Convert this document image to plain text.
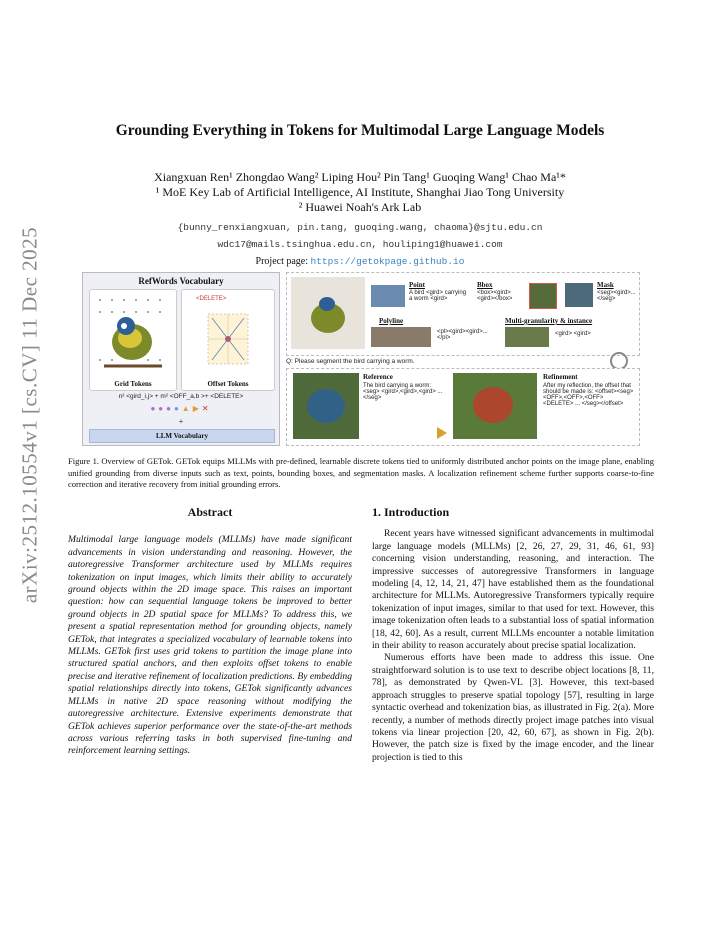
arXiv:2512.10554v1 [cs.CV] 11 Dec 2025
Grounding Everything in Tokens for Multimodal Large Language Models
Xiangxuan Ren¹ Zhongdao Wang² Liping Hou² Pin Tang¹ Guoqing Wang¹ Chao Ma¹*
¹ MoE Key Lab of Artificial Intelligence, AI Institute, Shanghai Jiao Tong University
² Huawei Noah's Ark Lab
{bunny_renxiangxuan, pin.tang, guoqing.wang, chaoma}@sjtu.edu.cn
wdc17@mails.tsinghua.edu.cn, houliping1@huawei.com
Project page: https://getokpage.github.io
RefWords Vocabulary
Grid Tokens
<DELETE>
Offset Tokens
n² <gird_i,j> + m² <OFF_a,b >+ <DELETE>
●●●●▲▶✕
+
LLM Vocabulary
Point
A bird <gird> carrying a worm <gird>
Bbox
<box><gird><gird></box>
Mask
<seg><gird>...</seg>
Polyline
<pl><gird><gird>...</pl>
Multi-granularity & instance
<gird> <gird>
Q: Please segment the bird carrying a worm.
Reference
The bird carrying a worm: <seg> <gird>,<gird>,<gird> ... </seg>
Refinement
After my reflection, the offset that should be made is: <offset><seg> <OFF>,<OFF>,<OFF> <DELETE> ... </seg></offset>
Figure 1. Overview of GETok. GETok equips MLLMs with pre-defined, learnable discrete tokens tied to uniformly distributed anchor points on the image plane, enabling unified grounding from diverse inputs such as text, points, bounding boxes, and segmentation masks. A localization refinement scheme further supports coarse-to-fine correction and iterative recovery from initial grounding errors.
Abstract

Multimodal large language models (MLLMs) have made significant advancements in vision understanding and reasoning. However, the autoregressive Transformer architecture used by MLLMs requires tokenization on input images, which limits their ability to accurately ground objects within the 2D image space. This raises an important question: how can sequential language tokens be improved to better ground objects in 2D spatial space for MLLMs? To address this, we present a spatial representation method for grounding objects, namely GETok, that integrates a specialized vocabulary of learnable tokens into MLLMs. GETok first uses grid tokens to partition the image plane into structured spatial anchors, and then exploits offset tokens to enable precise and iterative refinement of localization predictions. By embedding spatial relationships directly into tokens, GETok significantly advances MLLMs in native 2D space reasoning without modifying the autoregressive architecture. Extensive experiments demonstrate that GETok achieves superior performance over the state-of-the-art methods across various referring tasks in both supervised fine-tuning and reinforcement learning settings.

1. Introduction

Recent years have witnessed significant advancements in multimodal large language models (MLLMs) [2, 26, 27, 29, 31, 46, 61, 93] concerning vision understanding, reasoning, and interaction. The impressive successes of autoregressive Transformers in language modeling [4, 12, 14, 21, 47] have established them as the foundational architecture for MLLMs. Autoregressive Transformers typically require tokenization of input images, similar to that used for text. However, this image tokenization often leads to a substantial loss of spatial information [18, 42, 60]. As a result, current MLLMs encounter a notable limitation in their ability to reason accurately about precise spatial localization.

Numerous efforts have been made to address this issue. One straightforward solution is to use text to describe object locations [8, 11, 78], as demonstrated by Qwen-VL [3]. However, this text-based approach struggles to preserve spatial topology [57], resulting in large syntactic overhead and tokenization bias, as illustrated in Fig. 2(a). More recently, a number of methods directly project image patches into visual tokens via linear projection [20, 42, 60, 67], as shown in Fig. 2(b). However, the patch size is fixed by the image encoder, and the linear projection is tied to this
